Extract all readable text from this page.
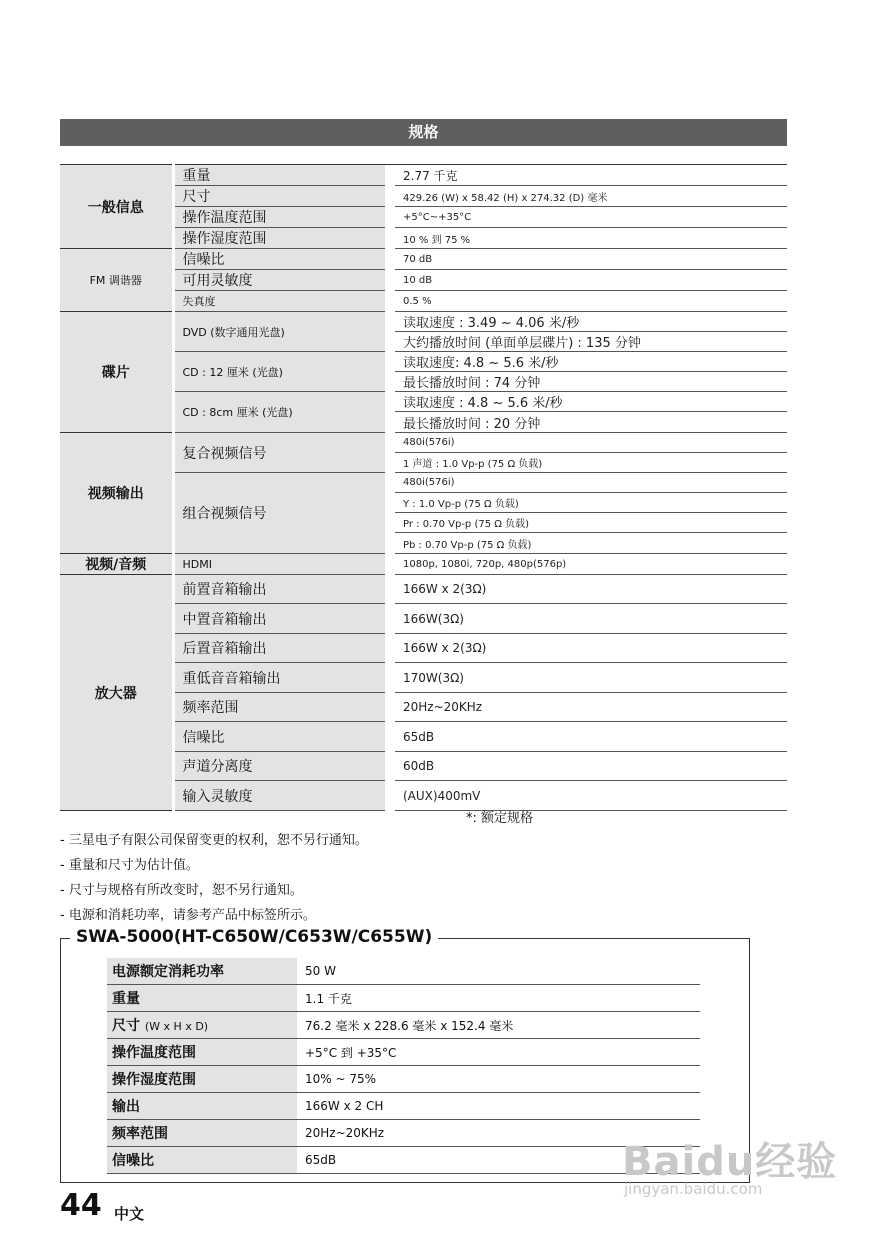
规格
一般信息	重量		2.77 千克
	尺寸		429.26 (W) x 58.42 (H) x 274.32 (D) 毫米
	操作温度范围		+5°C~+35°C
	操作湿度范围		10 % 到 75 %
FM 调谐器	信噪比		70 dB
	可用灵敏度		10 dB
	失真度		0.5 %
碟片	DVD (数字通用光盘)		读取速度 : 3.49 ~ 4.06 米/秒
			大约播放时间 (单面单层碟片) : 135 分钟
	CD : 12 厘米 (光盘)		读取速度: 4.8 ~ 5.6 米/秒
			最长播放时间 : 74 分钟
	CD : 8cm 厘米 (光盘)		读取速度 : 4.8 ~ 5.6 米/秒
			最长播放时间 : 20 分钟
视频输出	复合视频信号		480i(576i)
			1 声道 : 1.0 Vp-p (75 Ω 负载)
	组合视频信号		480i(576i)
			Y : 1.0 Vp-p (75 Ω 负载)
			Pr : 0.70 Vp-p (75 Ω 负载)
			Pb : 0.70 Vp-p (75 Ω 负载)
视频/音频	HDMI		1080p, 1080i, 720p, 480p(576p)
放大器	前置音箱输出		166W x 2(3Ω)
	中置音箱输出		166W(3Ω)
	后置音箱输出		166W x 2(3Ω)
	重低音音箱输出		170W(3Ω)
	频率范围		20Hz~20KHz
	信噪比		65dB
	声道分离度		60dB
	输入灵敏度		(AUX)400mV
*: 额定规格
- 三星电子有限公司保留变更的权利，恕不另行通知。
- 重量和尺寸为估计值。
- 尺寸与规格有所改变时，恕不另行通知。
- 电源和消耗功率，请参考产品中标签所示。
SWA-5000(HT-C650W/C653W/C655W)
电源额定消耗功率	50 W
重量	1.1 千克
尺寸 (W x H x D)	76.2 毫米 x 228.6 毫米 x 152.4 毫米
操作温度范围	+5°C 到 +35°C
操作湿度范围	10% ~ 75%
输出	166W x 2 CH
频率范围	20Hz~20KHz
信噪比	65dB	Baidu经验
jingyan.baidu.com
44 中文
